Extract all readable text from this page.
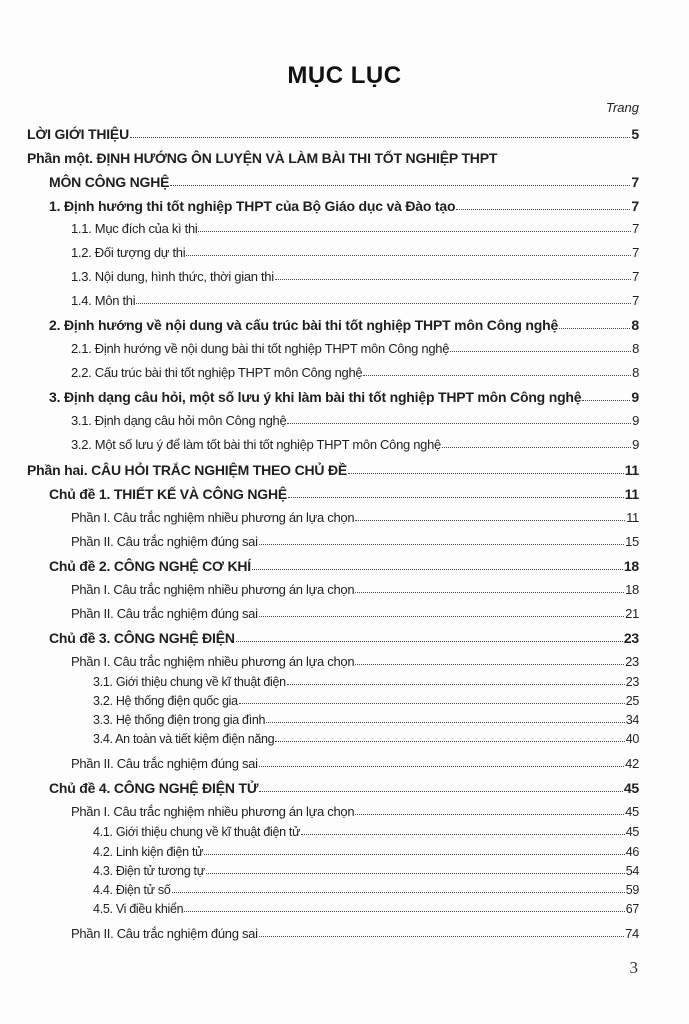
MỤC LỤC
Trang
LỜI GIỚI THIỆU	5
Phần một. ĐỊNH HƯỚNG ÔN LUYỆN VÀ LÀM BÀI THI TỐT NGHIỆP THPT
MÔN CÔNG NGHỆ	7
1. Định hướng thi tốt nghiệp THPT của Bộ Giáo dục và Đào tạo	7
1.1. Mục đích của kì thi	7
1.2. Đối tượng dự thi	7
1.3. Nội dung, hình thức, thời gian thi	7
1.4. Môn thi	7
2. Định hướng về nội dung và cấu trúc bài thi tốt nghiệp THPT môn Công nghệ	8
2.1. Định hướng về nội dung bài thi tốt nghiệp THPT môn Công nghệ	8
2.2. Cấu trúc bài thi tốt nghiệp THPT môn Công nghệ	8
3. Định dạng câu hỏi, một số lưu ý khi làm bài thi tốt nghiệp THPT môn Công nghệ	9
3.1. Định dạng câu hỏi môn Công nghệ	9
3.2. Một số lưu ý để làm tốt bài thi tốt nghiệp THPT môn Công nghệ	9
Phần hai. CÂU HỎI TRẮC NGHIỆM THEO CHỦ ĐỀ	11
Chủ đề 1. THIẾT KẾ VÀ CÔNG NGHỆ	11
Phần I. Câu trắc nghiệm nhiều phương án lựa chọn	11
Phần II. Câu trắc nghiệm đúng sai	15
Chủ đề 2. CÔNG NGHỆ CƠ KHÍ	18
Phần I. Câu trắc nghiệm nhiều phương án lựa chọn	18
Phần II. Câu trắc nghiệm đúng sai	21
Chủ đề 3. CÔNG NGHỆ ĐIỆN	23
Phần I. Câu trắc nghiệm nhiều phương án lựa chọn	23
3.1. Giới thiệu chung về kĩ thuật điện	23
3.2. Hệ thống điện quốc gia	25
3.3. Hệ thống điện trong gia đình	34
3.4. An toàn và tiết kiệm điện năng	40
Phần II. Câu trắc nghiệm đúng sai	42
Chủ đề 4. CÔNG NGHỆ ĐIỆN TỬ	45
Phần I. Câu trắc nghiệm nhiều phương án lựa chọn	45
4.1. Giới thiệu chung về kĩ thuật điện tử	45
4.2. Linh kiện điện tử	46
4.3. Điện tử tương tự	54
4.4. Điện tử số	59
4.5. Vi điều khiển	67
Phần II. Câu trắc nghiệm đúng sai	74
3
